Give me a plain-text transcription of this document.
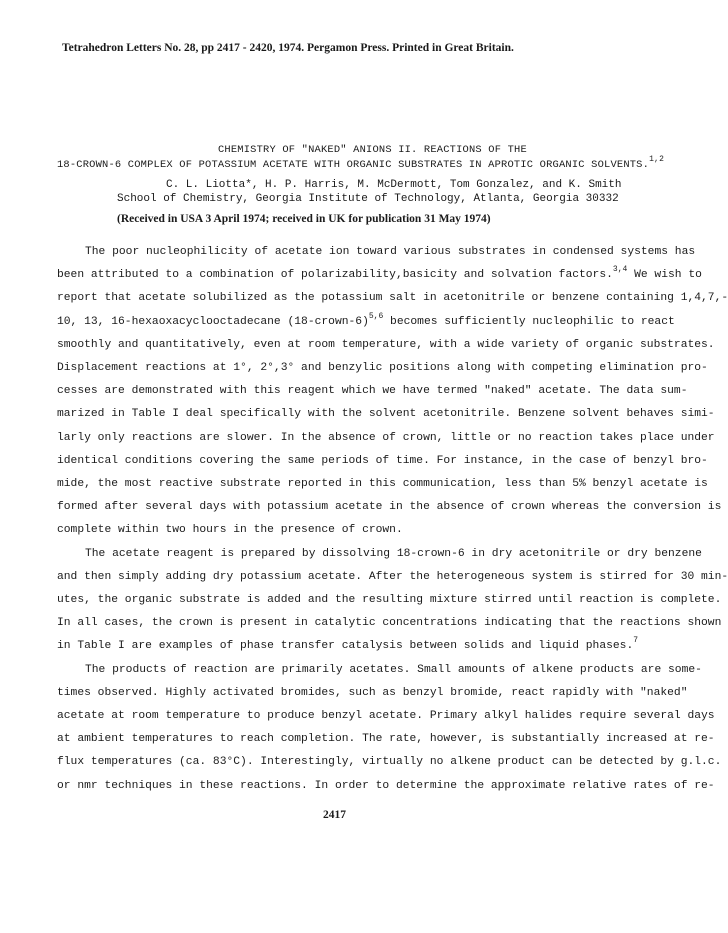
Tetrahedron Letters No. 28, pp 2417 - 2420, 1974. Pergamon Press. Printed in Great Britain.
CHEMISTRY OF "NAKED" ANIONS II. REACTIONS OF THE
18-CROWN-6 COMPLEX OF POTASSIUM ACETATE WITH ORGANIC SUBSTRATES IN APROTIC ORGANIC SOLVENTS.$^{1,2}$
C. L. Liotta*, H. P. Harris, M. McDermott, Tom Gonzalez, and K. Smith
School of Chemistry, Georgia Institute of Technology, Atlanta, Georgia 30332
(Received in USA 3 April 1974; received in UK for publication 31 May 1974)
The poor nucleophilicity of acetate ion toward various substrates in condensed systems has
been attributed to a combination of polarizability,basicity and solvation factors.$^{3,4}$ We wish to
report that acetate solubilized as the potassium salt in acetonitrile or benzene containing 1,4,7,-
10, 13, 16-hexaoxacyclooctadecane (18-crown-6)$^{5,6}$ becomes sufficiently nucleophilic to react
smoothly and quantitatively, even at room temperature, with a wide variety of organic substrates.
Displacement reactions at 1°, 2°,3° and benzylic positions along with competing elimination pro-
cesses are demonstrated with this reagent which we have termed "naked" acetate. The data sum-
marized in Table I deal specifically with the solvent acetonitrile. Benzene solvent behaves simi-
larly only reactions are slower. In the absence of crown, little or no reaction takes place under
identical conditions covering the same periods of time. For instance, in the case of benzyl bro-
mide, the most reactive substrate reported in this communication, less than 5% benzyl acetate is
formed after several days with potassium acetate in the absence of crown whereas the conversion is
complete within two hours in the presence of crown.
The acetate reagent is prepared by dissolving 18-crown-6 in dry acetonitrile or dry benzene
and then simply adding dry potassium acetate. After the heterogeneous system is stirred for 30 min-
utes, the organic substrate is added and the resulting mixture stirred until reaction is complete.
In all cases, the crown is present in catalytic concentrations indicating that the reactions shown
in Table I are examples of phase transfer catalysis between solids and liquid phases.$^7$
The products of reaction are primarily acetates. Small amounts of alkene products are some-
times observed. Highly activated bromides, such as benzyl bromide, react rapidly with "naked"
acetate at room temperature to produce benzyl acetate. Primary alkyl halides require several days
at ambient temperatures to reach completion. The rate, however, is substantially increased at re-
flux temperatures (ca. 83°C). Interestingly, virtually no alkene product can be detected by g.l.c.
or nmr techniques in these reactions. In order to determine the approximate relative rates of re-
2417
